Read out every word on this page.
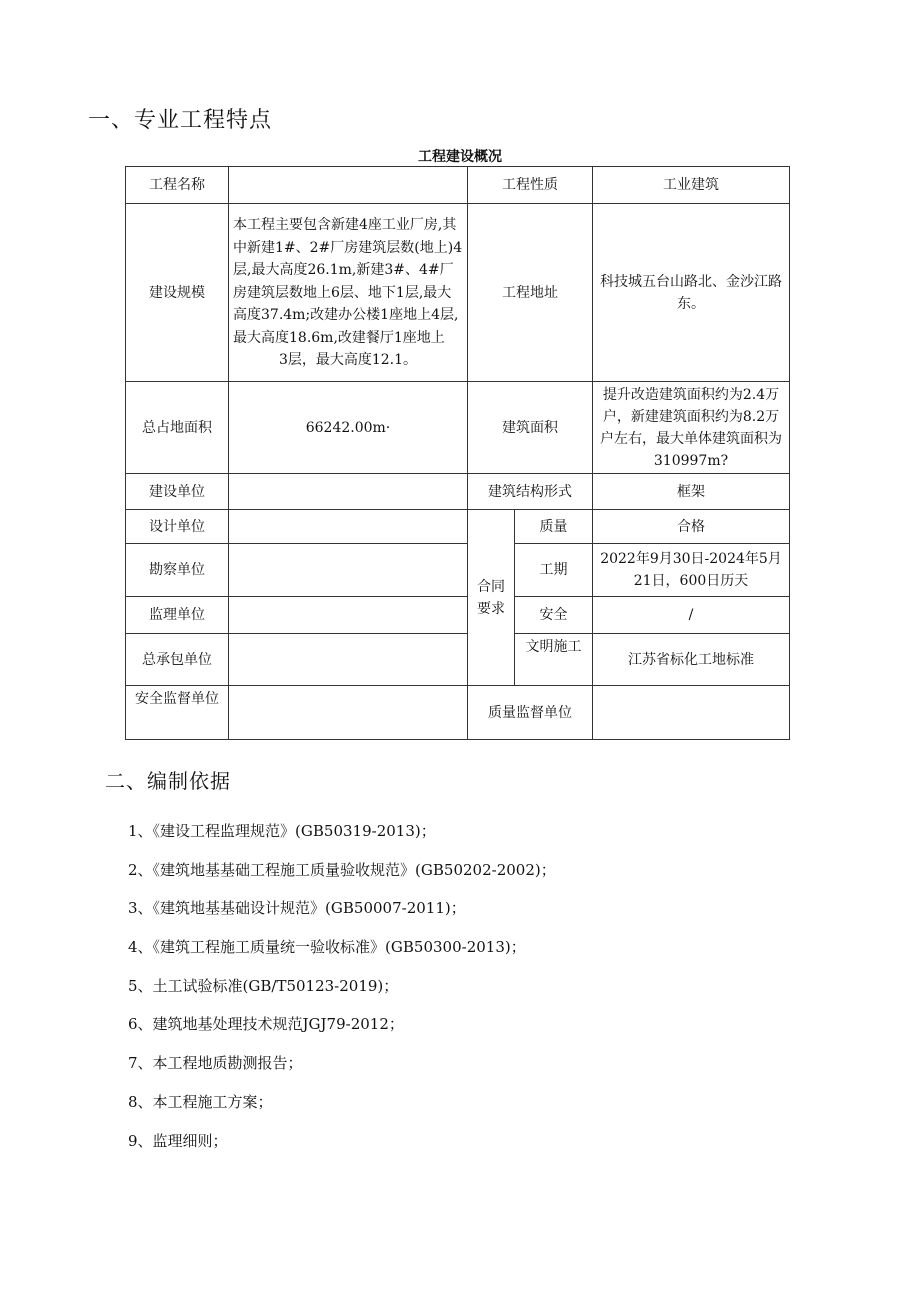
一、专业工程特点
工程建设概况
工程名称		工程性质		工业建筑
建设规模	本工程主要包含新建4座工业厂房,其中新建1#、2#厂房建筑层数(地上)4层,最大高度26.1m,新建3#、4#厂房建筑层数地上6层、地下1层,最大高度37.4m;改建办公楼1座地上4层,最大高度18.6m,改建餐厅1座地上
3层，最大高度12.1。	工程地址		科技城五台山路北、金沙江路东。
总占地面积	66242.00m·	建筑面积		提升改造建筑面积约为2.4万户，新建建筑面积约为8.2万户左右，最大单体建筑面积为310997m?
建设单位		建筑结构形式		框架
设计单位		合同要求	质量	合格
勘察单位			工期	2022年9月30日-2024年5月21日，600日历天
监理单位			安全	/
总承包单位			文明施工	江苏省标化工地标准
安全监督单位		质量监督单位		
二、编制依据
1、《建设工程监理规范》(GB50319-2013)；
2、《建筑地基基础工程施工质量验收规范》(GB50202-2002)；
3、《建筑地基基础设计规范》(GB50007-2011)；
4、《建筑工程施工质量统一验收标准》(GB50300-2013)；
5、土工试验标准(GB/T50123-2019)；
6、建筑地基处理技术规范JGJ79-2012；
7、本工程地质勘测报告；
8、本工程施工方案；
9、监理细则；
